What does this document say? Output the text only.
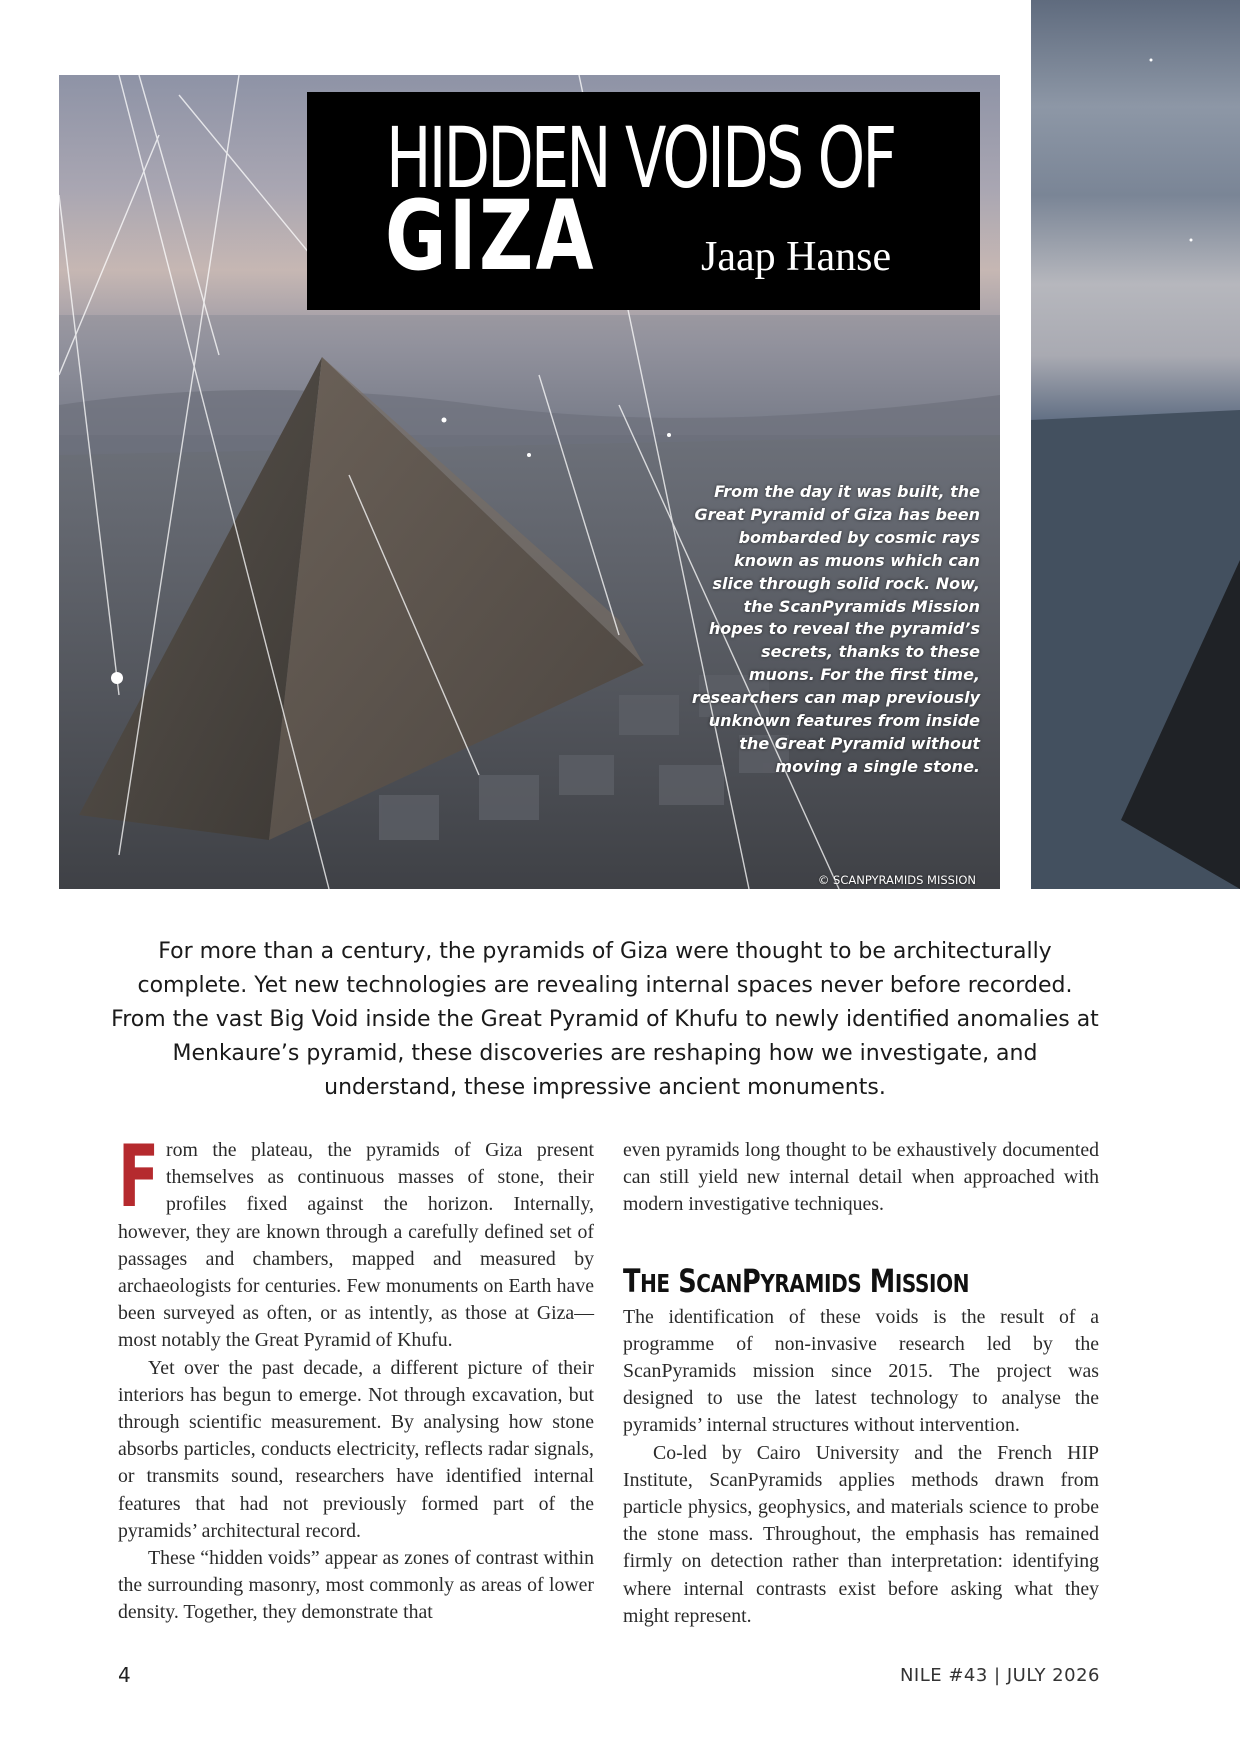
From the day it was built, the Great Pyramid of Giza has been bombarded by cosmic rays known as muons which can slice through solid rock. Now, the ScanPyramids Mission hopes to reveal the pyramid’s secrets, thanks to these muons. For the first time, researchers can map previously unknown features from inside the Great Pyramid without moving a single stone.

© SCANPYRAMIDS MISSION
HIDDEN VOIDS OF
GIZA	Jaap Hanse

For more than a century, the pyramids of Giza were thought to be architecturally complete. Yet new technologies are revealing internal spaces never before recorded. From the vast Big Void inside the Great Pyramid of Khufu to newly identified anomalies at Menkaure’s pyramid, these discoveries are reshaping how we investigate, and understand, these impressive ancient monuments.

From the plateau, the pyramids of Giza present themselves as continuous masses of stone, their profiles fixed against the horizon. Internally, however, they are known through a carefully defined set of passages and chambers, mapped and measured by archaeologists for centuries. Few monuments on Earth have been surveyed as often, or as intently, as those at Giza—most notably the Great Pyramid of Khufu.

Yet over the past decade, a different picture of their interiors has begun to emerge. Not through excavation, but through scientific measurement. By analysing how stone absorbs particles, conducts electricity, reflects radar signals, or transmits sound, researchers have identified internal features that had not previously formed part of the pyramids’ architectural record.

These “hidden voids” appear as zones of contrast within the surrounding masonry, most commonly as areas of lower density. Together, they demonstrate that

even pyramids long thought to be exhaustively documented can still yield new internal detail when approached with modern investigative techniques.

THE SCANPYRAMIDS MISSION

The identification of these voids is the result of a programme of non-invasive research led by the ScanPyramids mission since 2015. The project was designed to use the latest technology to analyse the pyramids’ internal structures without intervention.

Co-led by Cairo University and the French HIP Institute, ScanPyramids applies methods drawn from particle physics, geophysics, and materials science to probe the stone mass. Throughout, the emphasis has remained firmly on detection rather than interpretation: identifying where internal contrasts exist before asking what they might represent.

4	NILE #43 | JULY 2026
